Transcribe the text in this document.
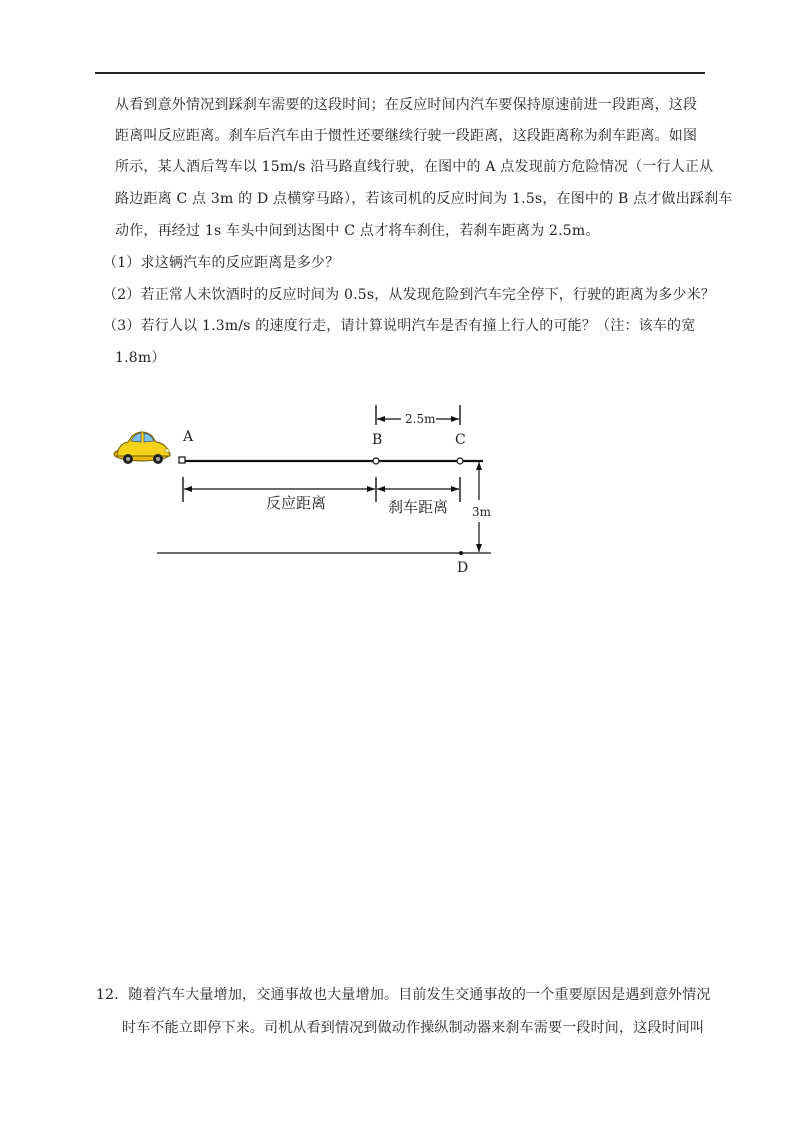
从看到意外情况到踩刹车需要的这段时间；在反应时间内汽车要保持原速前进一段距离，这段
距离叫反应距离。刹车后汽车由于惯性还要继续行驶一段距离，这段距离称为刹车距离。如图
所示，某人酒后驾车以 15m/s 沿马路直线行驶，在图中的 A 点发现前方危险情况（一行人正从
路边距离 C 点 3m 的 D 点横穿马路），若该司机的反应时间为 1.5s，在图中的 B 点才做出踩刹车
动作，再经过 1s 车头中间到达图中 C 点才将车刹住，若刹车距离为 2.5m。
（1）求这辆汽车的反应距离是多少？
（2）若正常人未饮酒时的反应时间为 0.5s，从发现危险到汽车完全停下，行驶的距离为多少米？
（3）若行人以 1.3m/s 的速度行走，请计算说明汽车是否有撞上行人的可能？（注：该车的宽
1.8m）
A	B	C
D
2.5m
反应距离	刹车距离 3m
12．随着汽车大量增加，交通事故也大量增加。目前发生交通事故的一个重要原因是遇到意外情况
时车不能立即停下来。司机从看到情况到做动作操纵制动器来刹车需要一段时间，这段时间叫
